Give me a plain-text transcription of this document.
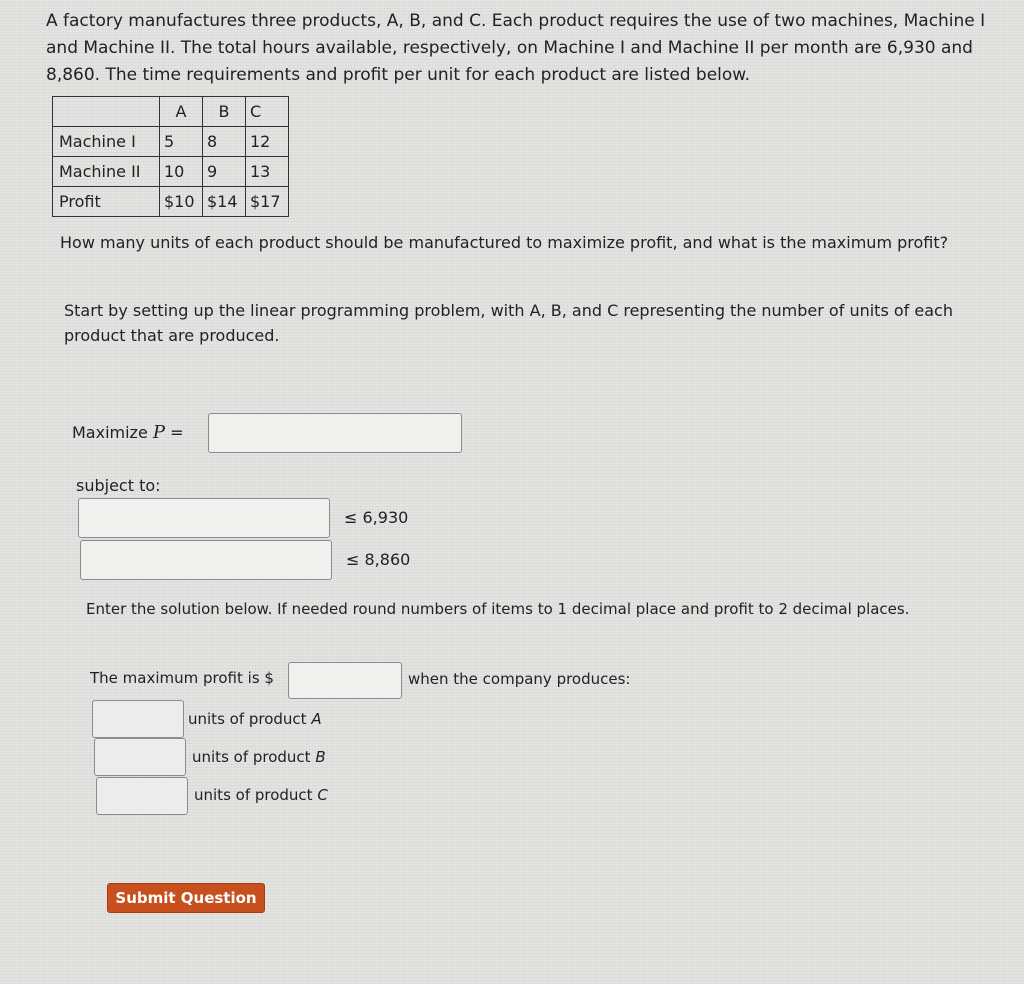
A factory manufactures three products, A, B, and C. Each product requires the use of two machines, Machine I and Machine II. The total hours available, respectively, on Machine I and Machine II per month are 6,930 and 8,860. The time requirements and profit per unit for each product are listed below.
	A	B	C
Machine I	5	8	12
Machine II	10	9	13
Profit	$10	$14	$17
How many units of each product should be manufactured to maximize profit, and what is the maximum profit?
Start by setting up the linear programming problem, with A, B, and C representing the number of units of each product that are produced.
Maximize P =
subject to:
≤ 6,930
≤ 8,860
Enter the solution below. If needed round numbers of items to 1 decimal place and profit to 2 decimal places.
The maximum profit is $	when the company produces:
units of product A
units of product B
units of product C
Submit Question
